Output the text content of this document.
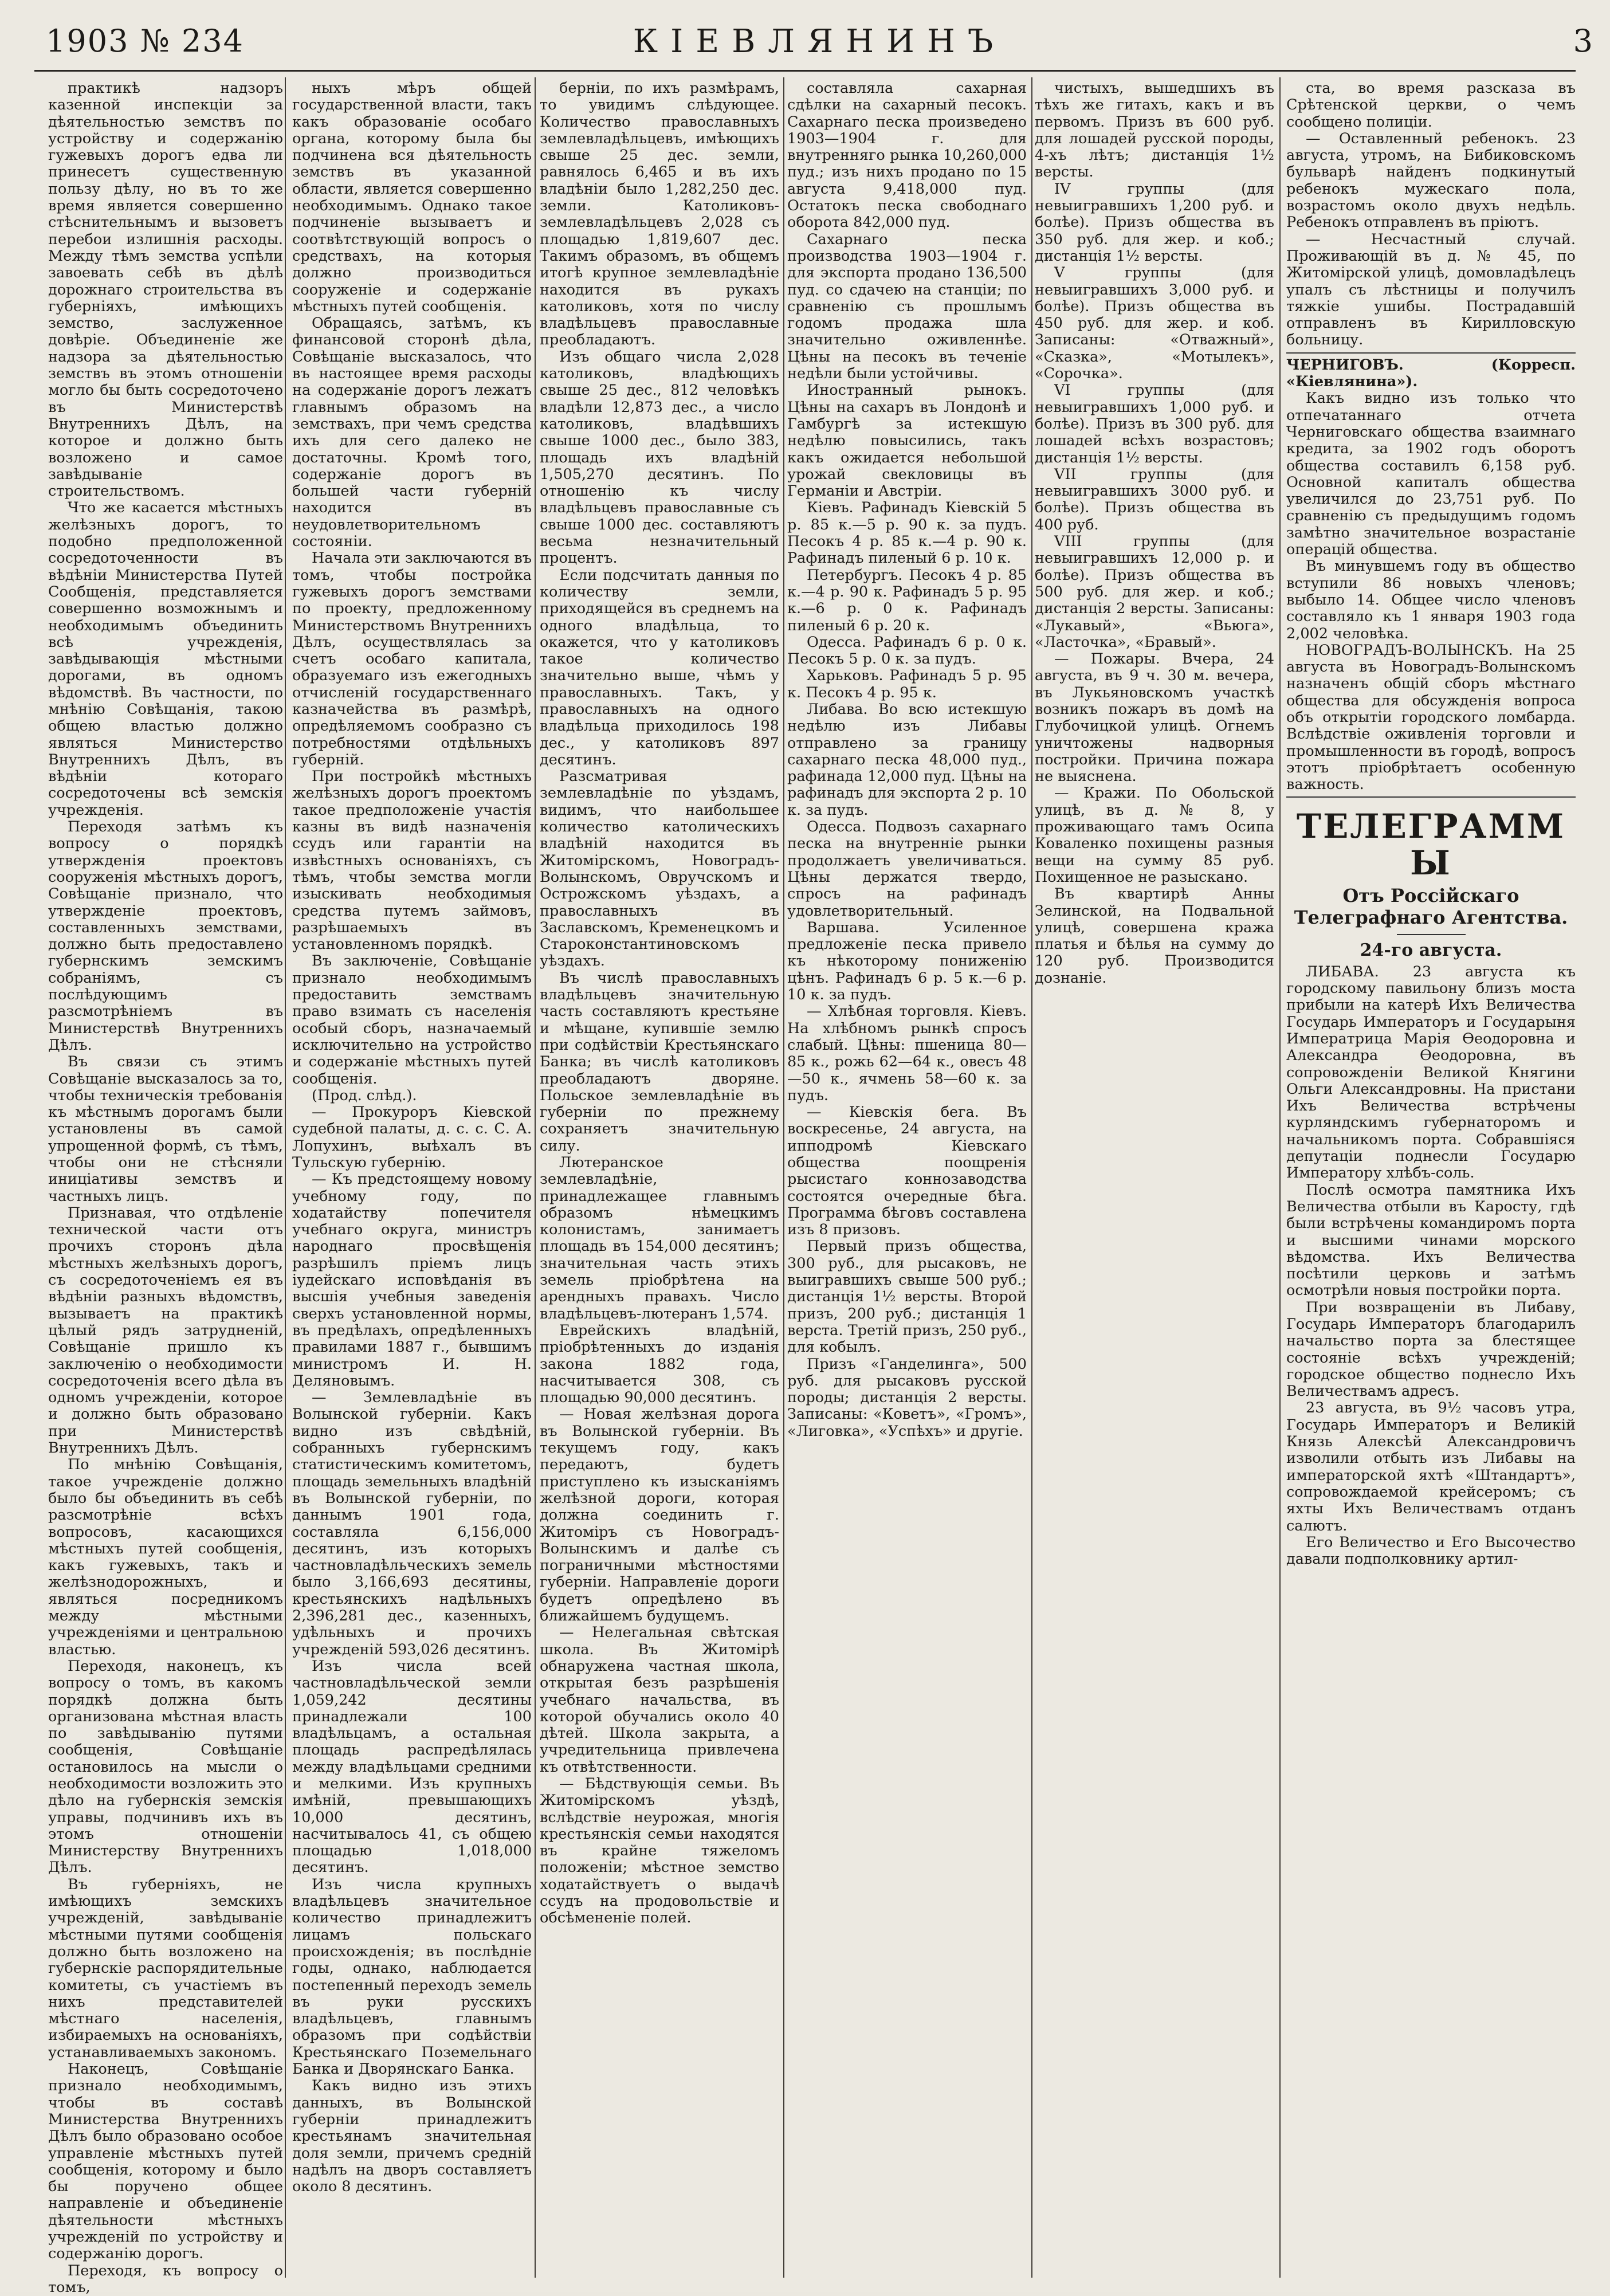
1903 № 234	КІЕВЛЯНИНЪ	3

практикѣ надзоръ казенной инспекціи за дѣятельностью земствъ по устройству и содержанію гужевыхъ дорогъ едва ли принесетъ существенную пользу дѣлу, но въ то же время является совершенно стѣснительнымъ и вызоветъ перебои излишнія расходы. Между тѣмъ земства успѣли завоевать себѣ въ дѣлѣ дорожнаго строительства въ губерніяхъ, имѣющихъ земство, заслуженное довѣріе. Объединеніе же надзора за дѣятельностью земствъ въ этомъ отношеніи могло бы быть сосредоточено въ Министерствѣ Внутреннихъ Дѣлъ, на которое и должно быть возложено и самое завѣдываніе строительствомъ.

Что же касается мѣстныхъ желѣзныхъ дорогъ, то подобно предположенной сосредоточенности въ вѣдѣніи Министерства Путей Сообщенія, представляется совершенно возможнымъ и необходимымъ объединить всѣ учрежденія, завѣдывающія мѣстными дорогами, въ одномъ вѣдомствѣ. Въ частности, по мнѣнію Совѣщанія, такою общею властью должно являться Министерство Внутреннихъ Дѣлъ, въ вѣдѣніи котораго сосредоточены всѣ земскія учрежденія.

Переходя затѣмъ къ вопросу о порядкѣ утвержденія проектовъ сооруженія мѣстныхъ дорогъ, Совѣщаніе признало, что утвержденіе проектовъ, составленныхъ земствами, должно быть предоставлено губернскимъ земскимъ собраніямъ, съ послѣдующимъ разсмотрѣніемъ въ Министерствѣ Внутреннихъ Дѣлъ.

Въ связи съ этимъ Совѣщаніе высказалось за то, чтобы техническія требованія къ мѣстнымъ дорогамъ были установлены въ самой упрощенной формѣ, съ тѣмъ, чтобы они не стѣсняли иниціативы земствъ и частныхъ лицъ.

Признавая, что отдѣленіе технической части отъ прочихъ сторонъ дѣла мѣстныхъ желѣзныхъ дорогъ, съ сосредоточеніемъ ея въ вѣдѣніи разныхъ вѣдомствъ, вызываетъ на практикѣ цѣлый рядъ затрудненій, Совѣщаніе пришло къ заключенію о необходимости сосредоточенія всего дѣла въ одномъ учрежденіи, которое и должно быть образовано при Министерствѣ Внутреннихъ Дѣлъ.

По мнѣнію Совѣщанія, такое учрежденіе должно было бы объединить въ себѣ разсмотрѣніе всѣхъ вопросовъ, касающихся мѣстныхъ путей сообщенія, какъ гужевыхъ, такъ и желѣзнодорожныхъ, и являться посредникомъ между мѣстными учрежденіями и центральною властью.

Переходя, наконецъ, къ вопросу о томъ, въ какомъ порядкѣ должна быть организована мѣстная власть по завѣдыванію путями сообщенія, Совѣщаніе остановилось на мысли о необходимости возложить это дѣло на губернскія земскія управы, подчинивъ ихъ въ этомъ отношеніи Министерству Внутреннихъ Дѣлъ.

Въ губерніяхъ, не имѣющихъ земскихъ учрежденій, завѣдываніе мѣстными путями сообщенія должно быть возложено на губернскіе распорядительные комитеты, съ участіемъ въ нихъ представителей мѣстнаго населенія, избираемыхъ на основаніяхъ, устанавливаемыхъ закономъ.

Наконецъ, Совѣщаніе признало необходимымъ, чтобы въ составѣ Министерства Внутреннихъ Дѣлъ было образовано особое управленіе мѣстныхъ путей сообщенія, которому и было бы поручено общее направленіе и объединеніе дѣятельности мѣстныхъ учрежденій по устройству и содержанію дорогъ.

Переходя, къ вопросу о томъ,

ныхъ мѣръ общей государственной власти, такъ какъ образованіе особаго органа, которому была бы подчинена вся дѣятельность земствъ въ указанной области, является совершенно необходимымъ. Однако такое подчиненіе вызываетъ и соотвѣтствующій вопросъ о средствахъ, на которыя должно производиться сооруженіе и содержаніе мѣстныхъ путей сообщенія.

Обращаясь, затѣмъ, къ финансовой сторонѣ дѣла, Совѣщаніе высказалось, что въ настоящее время расходы на содержаніе дорогъ лежатъ главнымъ образомъ на земствахъ, при чемъ средства ихъ для сего далеко не достаточны. Кромѣ того, содержаніе дорогъ въ большей части губерній находится въ неудовлетворительномъ состояніи.

Начала эти заключаются въ томъ, чтобы постройка гужевыхъ дорогъ земствами по проекту, предложенному Министерствомъ Внутреннихъ Дѣлъ, осуществлялась за счетъ особаго капитала, образуемаго изъ ежегодныхъ отчисленій государственнаго казначейства въ размѣрѣ, опредѣляемомъ сообразно съ потребностями отдѣльныхъ губерній.

При постройкѣ мѣстныхъ желѣзныхъ дорогъ проектомъ такое предположеніе участія казны въ видѣ назначенія ссудъ или гарантіи на извѣстныхъ основаніяхъ, съ тѣмъ, чтобы земства могли изыскивать необходимыя средства путемъ займовъ, разрѣшаемыхъ въ установленномъ порядкѣ.

Въ заключеніе, Совѣщаніе признало необходимымъ предоставить земствамъ право взимать съ населенія особый сборъ, назначаемый исключительно на устройство и содержаніе мѣстныхъ путей сообщенія.

(Прод. слѣд.).

— Прокуроръ Кіевской судебной палаты, д. с. с. С. А. Лопухинъ, выѣхалъ въ Тульскую губернію.

— Къ предстоящему новому учебному году, по ходатайству попечителя учебнаго округа, министръ народнаго просвѣщенія разрѣшилъ пріемъ лицъ іудейскаго исповѣданія въ высшія учебныя заведенія сверхъ установленной нормы, въ предѣлахъ, опредѣленныхъ правилами 1887 г., бывшимъ министромъ И. Н. Деляновымъ.

— Землевладѣніе въ Волынской губерніи. Какъ видно изъ свѣдѣній, собранныхъ губернскимъ статистическимъ комитетомъ, площадь земельныхъ владѣній въ Волынской губерніи, по даннымъ 1901 года, составляла 6,156,000 десятинъ, изъ которыхъ частновладѣльческихъ земель было 3,166,693 десятины, крестьянскихъ надѣльныхъ 2,396,281 дес., казенныхъ, удѣльныхъ и прочихъ учрежденій 593,026 десятинъ.

Изъ числа всей частновладѣльческой земли 1,059,242 десятины принадлежали 100 владѣльцамъ, а остальная площадь распредѣлялась между владѣльцами средними и мелкими. Изъ крупныхъ имѣній, превышающихъ 10,000 десятинъ, насчитывалось 41, съ общею площадью 1,018,000 десятинъ.

Изъ числа крупныхъ владѣльцевъ значительное количество принадлежитъ лицамъ польскаго происхожденія; въ послѣдніе годы, однако, наблюдается постепенный переходъ земель въ руки русскихъ владѣльцевъ, главнымъ образомъ при содѣйствіи Крестьянскаго Поземельнаго Банка и Дворянскаго Банка.

Какъ видно изъ этихъ данныхъ, въ Волынской губерніи принадлежитъ крестьянамъ значительная доля земли, причемъ средній надѣлъ на дворъ составляетъ около 8 десятинъ.

берніи, по ихъ размѣрамъ, то увидимъ слѣдующее. Количество православныхъ землевладѣльцевъ, имѣющихъ свыше 25 дес. земли, равнялось 6,465 и въ ихъ владѣніи было 1,282,250 дес. земли. Католиковъ-землевладѣльцевъ 2,028 съ площадью 1,819,607 дес. Такимъ образомъ, въ общемъ итогѣ крупное землевладѣніе находится въ рукахъ католиковъ, хотя по числу владѣльцевъ православные преобладаютъ.

Изъ общаго числа 2,028 католиковъ, владѣющихъ свыше 25 дес., 812 человѣкъ владѣли 12,873 дес., а число католиковъ, владѣвшихъ свыше 1000 дес., было 383, площадь ихъ владѣній 1,505,270 десятинъ. По отношенію къ числу владѣльцевъ православные съ свыше 1000 дес. составляютъ весьма незначительный процентъ.

Если подсчитать данныя по количеству земли, приходящейся въ среднемъ на одного владѣльца, то окажется, что у католиковъ такое количество значительно выше, чѣмъ у православныхъ. Такъ, у православныхъ на одного владѣльца приходилось 198 дес., у католиковъ 897 десятинъ.

Разсматривая землевладѣніе по уѣздамъ, видимъ, что наибольшее количество католическихъ владѣній находится въ Житомірскомъ, Новоградъ-Волынскомъ, Овручскомъ и Острожскомъ уѣздахъ, а православныхъ въ Заславскомъ, Кременецкомъ и Староконстантиновскомъ уѣздахъ.

Въ числѣ православныхъ владѣльцевъ значительную часть составляютъ крестьяне и мѣщане, купившіе землю при содѣйствіи Крестьянскаго Банка; въ числѣ католиковъ преобладаютъ дворяне. Польское землевладѣніе въ губерніи по прежнему сохраняетъ значительную силу.

Лютеранское землевладѣніе, принадлежащее главнымъ образомъ нѣмецкимъ колонистамъ, занимаетъ площадь въ 154,000 десятинъ; значительная часть этихъ земель пріобрѣтена на арендныхъ правахъ. Число владѣльцевъ-лютеранъ 1,574.

Еврейскихъ владѣній, пріобрѣтенныхъ до изданія закона 1882 года, насчитывается 308, съ площадью 90,000 десятинъ.

— Новая желѣзная дорога въ Волынской губерніи. Въ текущемъ году, какъ передаютъ, будетъ приступлено къ изысканіямъ желѣзной дороги, которая должна соединить г. Житоміръ съ Новоградъ-Волынскимъ и далѣе съ пограничными мѣстностями губерніи. Направленіе дороги будетъ опредѣлено въ ближайшемъ будущемъ.

— Нелегальная свѣтская школа. Въ Житомірѣ обнаружена частная школа, открытая безъ разрѣшенія учебнаго начальства, въ которой обучались около 40 дѣтей. Школа закрыта, а учредительница привлечена къ отвѣтственности.

— Бѣдствующія семьи. Въ Житомірскомъ уѣздѣ, вслѣдствіе неурожая, многія крестьянскія семьи находятся въ крайне тяжеломъ положеніи; мѣстное земство ходатайствуетъ о выдачѣ ссудъ на продовольствіе и обсѣмененіе полей.

составляла сахарная сдѣлки на сахарный песокъ. Сахарнаго песка произведено 1903—1904 г. для внутренняго рынка 10,260,000 пуд.; изъ нихъ продано по 15 августа 9,418,000 пуд. Остатокъ песка свободнаго оборота 842,000 пуд.

Сахарнаго песка производства 1903—1904 г. для экспорта продано 136,500 пуд. со сдачею на станціи; по сравненію съ прошлымъ годомъ продажа шла значительно оживленнѣе. Цѣны на песокъ въ теченіе недѣли были устойчивы.

Иностранный рынокъ. Цѣны на сахаръ въ Лондонѣ и Гамбургѣ за истекшую недѣлю повысились, такъ какъ ожидается небольшой урожай свекловицы въ Германіи и Австріи.

Кіевъ. Рафинадъ Кіевскій 5 р. 85 к.—5 р. 90 к. за пудъ. Песокъ 4 р. 85 к.—4 р. 90 к. Рафинадъ пиленый 6 р. 10 к.

Петербургъ. Песокъ 4 р. 85 к.—4 р. 90 к. Рафинадъ 5 р. 95 к.—6 р. 0 к. Рафинадъ пиленый 6 р. 20 к.

Одесса. Рафинадъ 6 р. 0 к. Песокъ 5 р. 0 к. за пудъ.

Харьковъ. Рафинадъ 5 р. 95 к. Песокъ 4 р. 95 к.

Либава. Во всю истекшую недѣлю изъ Либавы отправлено за границу сахарнаго песка 48,000 пуд., рафинада 12,000 пуд. Цѣны на рафинадъ для экспорта 2 р. 10 к. за пудъ.

Одесса. Подвозъ сахарнаго песка на внутренніе рынки продолжаетъ увеличиваться. Цѣны держатся твердо, спросъ на рафинадъ удовлетворительный.

Варшава. Усиленное предложеніе песка привело къ нѣкоторому пониженію цѣнъ. Рафинадъ 6 р. 5 к.—6 р. 10 к. за пудъ.

— Хлѣбная торговля. Кіевъ. На хлѣбномъ рынкѣ спросъ слабый. Цѣны: пшеница 80—85 к., рожь 62—64 к., овесъ 48—50 к., ячмень 58—60 к. за пудъ.

— Кіевскія бега. Въ воскресенье, 24 августа, на ипподромѣ Кіевскаго общества поощренія рысистаго коннозаводства состоятся очередные бѣга. Программа бѣговъ составлена изъ 8 призовъ.

Первый призъ общества, 300 руб., для рысаковъ, не выигравшихъ свыше 500 руб.; дистанція 1½ версты. Второй призъ, 200 руб.; дистанція 1 верста. Третій призъ, 250 руб., для кобылъ.

Призъ «Ганделинга», 500 руб. для рысаковъ русской породы; дистанція 2 версты. Записаны: «Коветъ», «Громъ», «Лиговка», «Успѣхъ» и другіе.

чистыхъ, вышедшихъ въ тѣхъ же гитахъ, какъ и въ первомъ. Призъ въ 600 руб. для лошадей русской породы, 4-хъ лѣтъ; дистанція 1½ версты.

IV группы (для невыигравшихъ 1,200 руб. и болѣе). Призъ общества въ 350 руб. для жер. и коб.; дистанція 1½ версты.

V группы (для невыигравшихъ 3,000 руб. и болѣе). Призъ общества въ 450 руб. для жер. и коб. Записаны: «Отважный», «Сказка», «Мотылекъ», «Сорочка».

VI группы (для невыигравшихъ 1,000 руб. и болѣе). Призъ въ 300 руб. для лошадей всѣхъ возрастовъ; дистанція 1½ версты.

VII группы (для невыигравшихъ 3000 руб. и болѣе). Призъ общества въ 400 руб.

VIII группы (для невыигравшихъ 12,000 р. и болѣе). Призъ общества въ 500 руб. для жер. и коб.; дистанція 2 версты. Записаны: «Лукавый», «Вьюга», «Ласточка», «Бравый».

— Пожары. Вчера, 24 августа, въ 9 ч. 30 м. вечера, въ Лукьяновскомъ участкѣ возникъ пожаръ въ домѣ на Глубочицкой улицѣ. Огнемъ уничтожены надворныя постройки. Причина пожара не выяснена.

— Кражи. По Обольской улицѣ, въ д. № 8, у проживающаго тамъ Осипа Коваленко похищены разныя вещи на сумму 85 руб. Похищенное не разыскано.

Въ квартирѣ Анны Зелинской, на Подвальной улицѣ, совершена кража платья и бѣлья на сумму до 120 руб. Производится дознаніе.

ста, во время разсказа въ Срѣтенской церкви, о чемъ сообщено полиціи.

— Оставленный ребенокъ. 23 августа, утромъ, на Бибиковскомъ бульварѣ найденъ подкинутый ребенокъ мужескаго пола, возрастомъ около двухъ недѣль. Ребенокъ отправленъ въ пріютъ.

— Несчастный случай. Проживающій въ д. № 45, по Житомірской улицѣ, домовладѣлецъ упалъ съ лѣстницы и получилъ тяжкіе ушибы. Пострадавшій отправленъ въ Кирилловскую больницу.

ЧЕРНИГОВЪ.	(Корресп. «Кіевлянина»).

Какъ видно изъ только что отпечатаннаго отчета Черниговскаго общества взаимнаго кредита, за 1902 годъ оборотъ общества составилъ 6,158 руб. Основной капиталъ общества увеличился до 23,751 руб. По сравненію съ предыдущимъ годомъ замѣтно значительное возрастаніе операцій общества.

Въ минувшемъ году въ общество вступили 86 новыхъ членовъ; выбыло 14. Общее число членовъ составляло къ 1 января 1903 года 2,002 человѣка.

НОВОГРАДЪ-ВОЛЫНСКЪ. На 25 августа въ Новоградъ-Волынскомъ назначенъ общій сборъ мѣстнаго общества для обсужденія вопроса объ открытіи городского ломбарда. Вслѣдствіе оживленія торговли и промышленности въ городѣ, вопросъ этотъ пріобрѣтаетъ особенную важность.

ТЕЛЕГРАММЫ
Отъ Россійскаго Телеграфнаго Агентства.
24-го августа.

ЛИБАВА. 23 августа къ городскому павильону близъ моста прибыли на катерѣ Ихъ Величества Государь Императоръ и Государыня Императрица Марія Ѳеодоровна и Александра Ѳеодоровна, въ сопровожденіи Великой Княгини Ольги Александровны. На пристани Ихъ Величества встрѣчены курляндскимъ губернаторомъ и начальникомъ порта. Собравшіяся депутаціи поднесли Государю Императору хлѣбъ-соль.

Послѣ осмотра памятника Ихъ Величества отбыли въ Каросту, гдѣ были встрѣчены командиромъ порта и высшими чинами морского вѣдомства. Ихъ Величества посѣтили церковь и затѣмъ осмотрѣли новыя постройки порта.

При возвращеніи въ Либаву, Государь Императоръ благодарилъ начальство порта за блестящее состояніе всѣхъ учрежденій; городское общество поднесло Ихъ Величествамъ адресъ.

23 августа, въ 9½ часовъ утра, Государь Императоръ и Великій Князь Алексѣй Александровичъ изволили отбыть изъ Либавы на императорской яхтѣ «Штандартъ», сопровождаемой крейсеромъ; съ яхты Ихъ Величествамъ отданъ салютъ.

Его Величество и Его Высочество давали подполковнику артил-
